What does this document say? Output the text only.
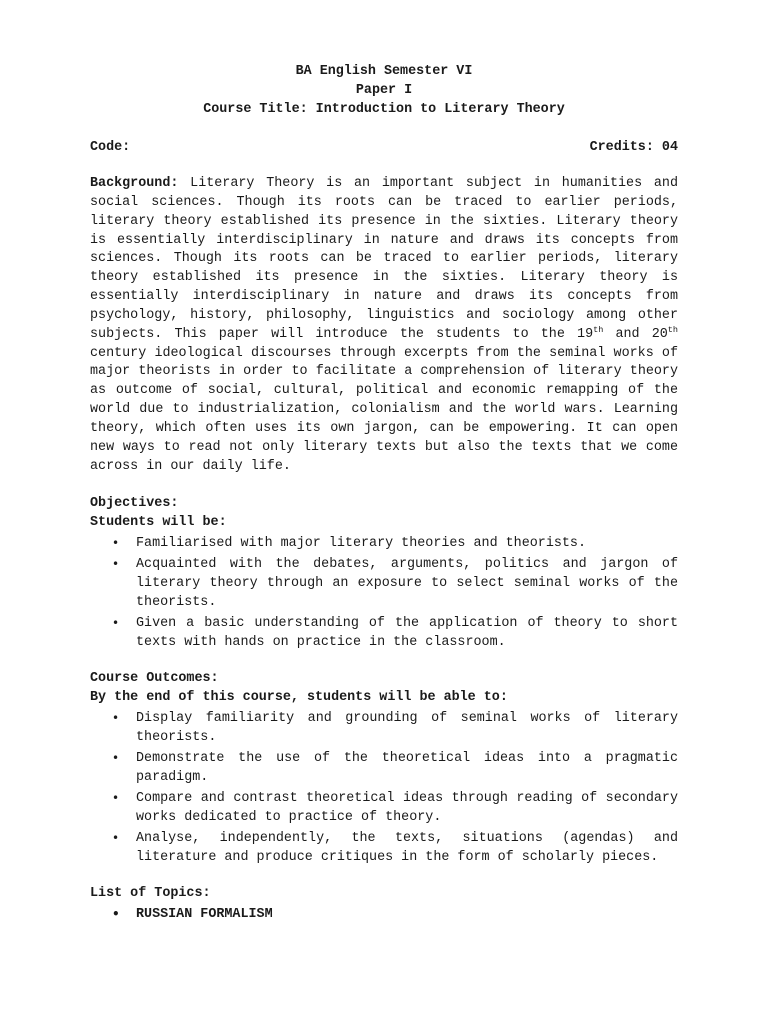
BA English Semester VI
Paper I
Course Title: Introduction to Literary Theory
Code:	Credits: 04
Background: Literary Theory is an important subject in humanities and social sciences. Though its roots can be traced to earlier periods, literary theory established its presence in the sixties. Literary theory is essentially interdisciplinary in nature and draws its concepts from sciences. Though its roots can be traced to earlier periods, literary theory established its presence in the sixties. Literary theory is essentially interdisciplinary in nature and draws its concepts from psychology, history, philosophy, linguistics and sociology among other subjects. This paper will introduce the students to the 19th and 20th century ideological discourses through excerpts from the seminal works of major theorists in order to facilitate a comprehension of literary theory as outcome of social, cultural, political and economic remapping of the world due to industrialization, colonialism and the world wars. Learning theory, which often uses its own jargon, can be empowering. It can open new ways to read not only literary texts but also the texts that we come across in our daily life.
Objectives:
Students will be:
• Familiarised with major literary theories and theorists.
• Acquainted with the debates, arguments, politics and jargon of literary theory through an exposure to select seminal works of the theorists.
• Given a basic understanding of the application of theory to short texts with hands on practice in the classroom.
Course Outcomes:
By the end of this course, students will be able to:
• Display familiarity and grounding of seminal works of literary theorists.
• Demonstrate the use of the theoretical ideas into a pragmatic paradigm.
• Compare and contrast theoretical ideas through reading of secondary works dedicated to practice of theory.
• Analyse, independently, the texts, situations (agendas) and literature and produce critiques in the form of scholarly pieces.
List of Topics:
• RUSSIAN FORMALISM
